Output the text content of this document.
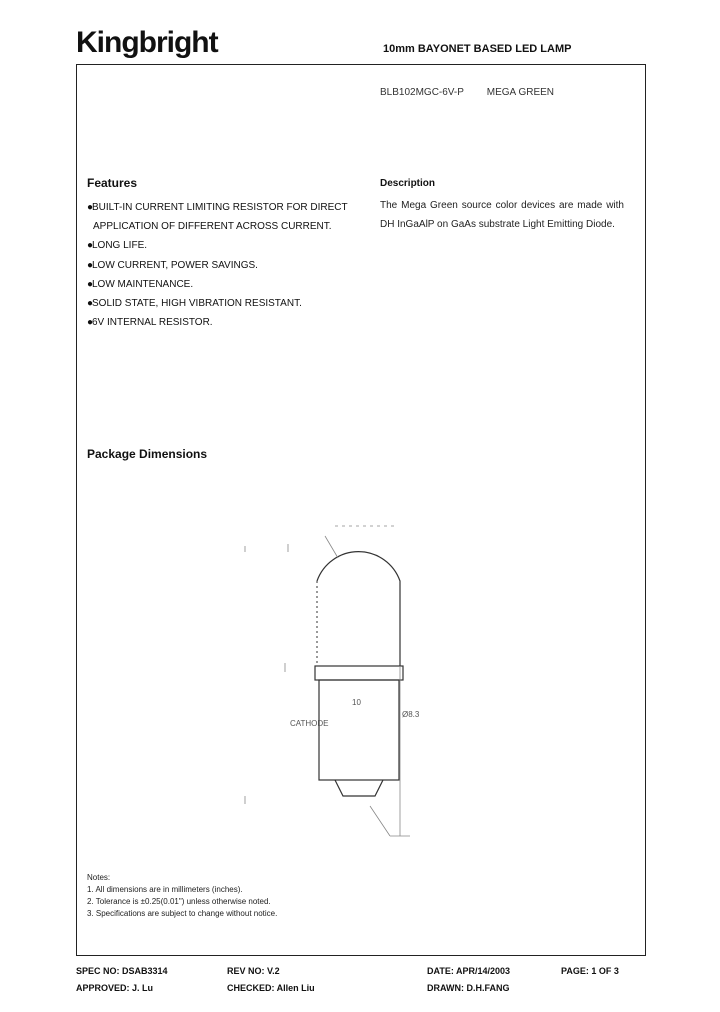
Kingbright	10mm BAYONET BASED LED LAMP
BLB102MGC-6V-P MEGA GREEN
Features
●BUILT-IN CURRENT LIMITING RESISTOR FOR DIRECT
APPLICATION OF DIFFERENT ACROSS CURRENT.
●LONG LIFE.
●LOW CURRENT, POWER SAVINGS.
●LOW MAINTENANCE.
●SOLID STATE, HIGH VIBRATION RESISTANT.
●6V INTERNAL RESISTOR.
Description
The Mega Green source color devices are made with DH InGaAlP on GaAs substrate Light Emitting Diode.
Package Dimensions
CATHODE
10
Ø8.3
Notes:
1. All dimensions are in millimeters (inches).
2. Tolerance is ±0.25(0.01") unless otherwise noted.
3. Specifications are subject to change without notice.
SPEC NO: DSAB3314	REV NO: V.2	DATE: APR/14/2003	PAGE: 1 OF 3
APPROVED: J. Lu	CHECKED: Allen Liu	DRAWN: D.H.FANG
